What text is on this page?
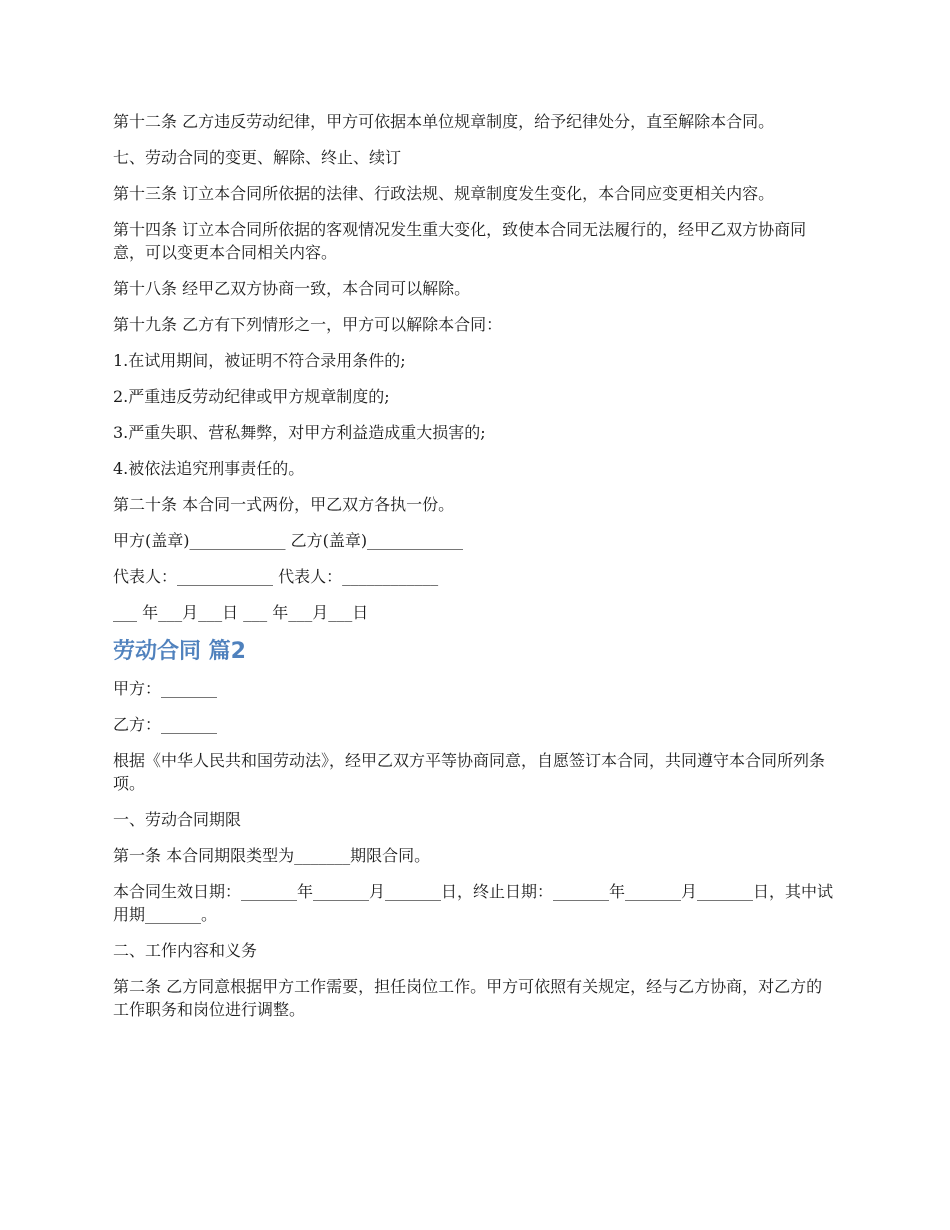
第十二条 乙方违反劳动纪律，甲方可依据本单位规章制度，给予纪律处分，直至解除本合同。

七、劳动合同的变更、解除、终止、续订

第十三条 订立本合同所依据的法律、行政法规、规章制度发生变化，本合同应变更相关内容。

第十四条 订立本合同所依据的客观情况发生重大变化，致使本合同无法履行的，经甲乙双方协商同意，可以变更本合同相关内容。

第十八条 经甲乙双方协商一致，本合同可以解除。

第十九条 乙方有下列情形之一，甲方可以解除本合同：

1.在试用期间，被证明不符合录用条件的;

2.严重违反劳动纪律或甲方规章制度的;

3.严重失职、营私舞弊，对甲方利益造成重大损害的;

4.被依法追究刑事责任的。

第二十条 本合同一式两份，甲乙双方各执一份。

甲方(盖章)____________ 乙方(盖章)____________

代表人：____________ 代表人：____________

___ 年___月___日 ___ 年___月___日

劳动合同 篇2

甲方：_______

乙方：_______

根据《中华人民共和国劳动法》，经甲乙双方平等协商同意，自愿签订本合同，共同遵守本合同所列条项。

一、劳动合同期限

第一条 本合同期限类型为_______期限合同。

本合同生效日期：_______年_______月_______日，终止日期：_______年_______月_______日，其中试用期_______。

二、工作内容和义务

第二条 乙方同意根据甲方工作需要，担任岗位工作。甲方可依照有关规定，经与乙方协商，对乙方的工作职务和岗位进行调整。
